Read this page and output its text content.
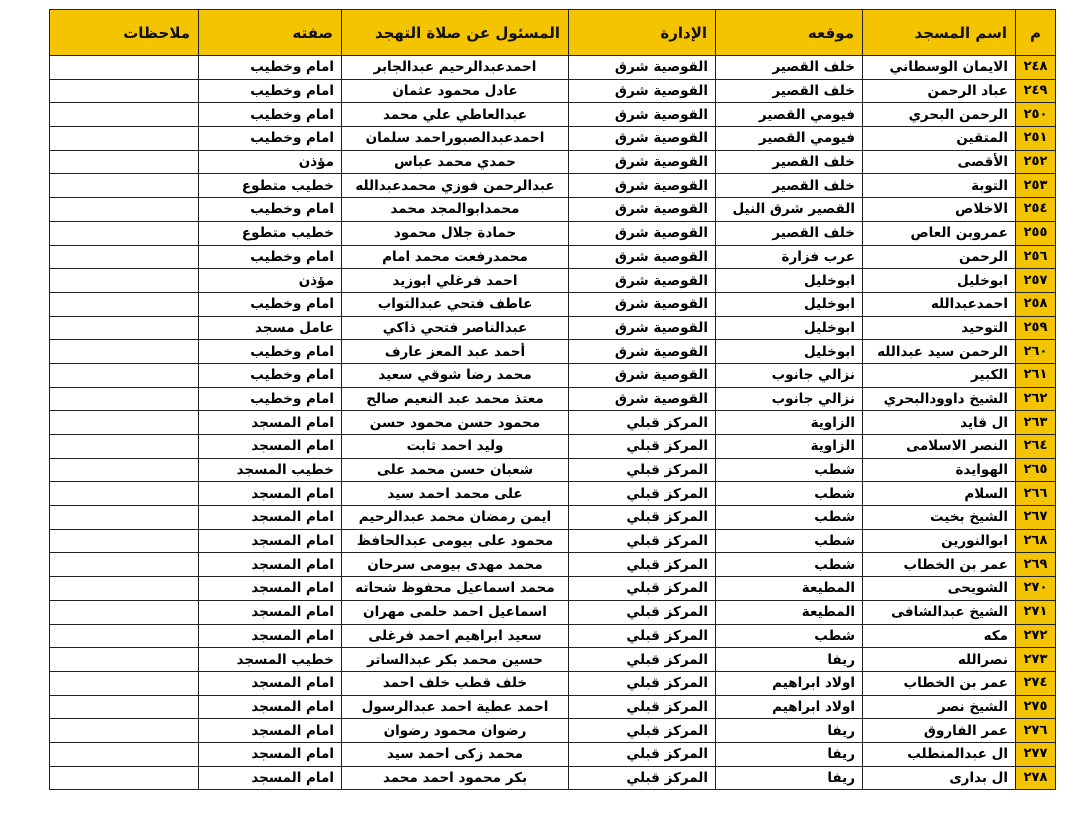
م	اسم المسجد	موقعه	الإدارة	المسئول عن صلاة التهجد	صفته	ملاحظات
٢٤٨	الايمان الوسطاني	خلف القصير	القوصية شرق	احمدعبدالرحيم عبدالجابر	امام وخطيب	
٢٤٩	عباد الرحمن	خلف القصير	القوصية شرق	عادل محمود عثمان	امام وخطيب	
٢٥٠	الرحمن البحري	فيومي القصير	القوصية شرق	عبدالعاطي علي محمد	امام وخطيب	
٢٥١	المتقين	فيومي القصير	القوصية شرق	احمدعبدالصبوراحمد سلمان	امام وخطيب	
٢٥٢	الأقصى	خلف القصير	القوصية شرق	حمدي محمد عباس	مؤذن	
٢٥٣	التوبة	خلف القصير	القوصية شرق	عبدالرحمن فوزي محمدعبدالله	خطيب متطوع	
٢٥٤	الاخلاص	القصير شرق النيل	القوصية شرق	محمدابوالمجد محمد	امام وخطيب	
٢٥٥	عمروبن العاص	خلف القصير	القوصية شرق	حمادة جلال محمود	خطيب متطوع	
٢٥٦	الرحمن	عرب فزارة	القوصية شرق	محمدرفعت محمد امام	امام وخطيب	
٢٥٧	ابوخليل	ابوخليل	القوصية شرق	احمد فرغلي ابوزيد	مؤذن	
٢٥٨	احمدعبدالله	ابوخليل	القوصية شرق	عاطف فتحي عبدالتواب	امام وخطيب	
٢٥٩	التوحيد	ابوخليل	القوصية شرق	عبدالناصر فتحي ذاكي	عامل مسجد	
٢٦٠	الرحمن سيد عبدالله	ابوخليل	القوصية شرق	أحمد عبد المعز عارف	امام وخطيب	
٢٦١	الكبير	نزالي جانوب	القوصية شرق	محمد رضا شوقي سعيد	امام وخطيب	
٢٦٢	الشيخ داوودالبحري	نزالي جانوب	القوصية شرق	معتذ محمد عبد النعيم صالح	امام وخطيب	
٢٦٣	ال قايد	الزاوية	المركز قبلي	محمود حسن محمود حسن	امام المسجد	
٢٦٤	النصر الاسلامى	الزاوية	المركز قبلي	وليد احمد ثابت	امام المسجد	
٢٦٥	الهوايدة	شطب	المركز قبلي	شعبان حسن محمد على	خطيب المسجد	
٢٦٦	السلام	شطب	المركز قبلي	على محمد احمد سيد	امام المسجد	
٢٦٧	الشيخ بخيت	شطب	المركز قبلي	ايمن رمضان محمد عبدالرحيم	امام المسجد	
٢٦٨	ابوالنورين	شطب	المركز قبلي	محمود على بيومى عبدالحافظ	امام المسجد	
٢٦٩	عمر بن الخطاب	شطب	المركز قبلي	محمد مهدى بيومى سرحان	امام المسجد	
٢٧٠	الشويحى	المطيعة	المركز قبلي	محمد اسماعيل محفوظ شحاته	امام المسجد	
٢٧١	الشيخ عبدالشافى	المطيعة	المركز قبلي	اسماعيل احمد حلمى مهران	امام المسجد	
٢٧٢	مكه	شطب	المركز قبلي	سعيد ابراهيم احمد فرغلى	امام المسجد	
٢٧٣	نصرالله	ريفا	المركز قبلي	حسين محمد بكر عبدالساتر	خطيب المسجد	
٢٧٤	عمر بن الخطاب	اولاد ابراهيم	المركز قبلي	خلف قطب خلف احمد	امام المسجد	
٢٧٥	الشيخ نصر	اولاد ابراهيم	المركز قبلي	احمد عطية احمد عبدالرسول	امام المسجد	
٢٧٦	عمر الفاروق	ريفا	المركز قبلي	رضوان محمود رضوان	امام المسجد	
٢٧٧	ال عبدالمنطلب	ريفا	المركز قبلي	محمد زكى احمد سيد	امام المسجد	
٢٧٨	ال بدارى	ريفا	المركز قبلي	بكر محمود احمد محمد	امام المسجد	
